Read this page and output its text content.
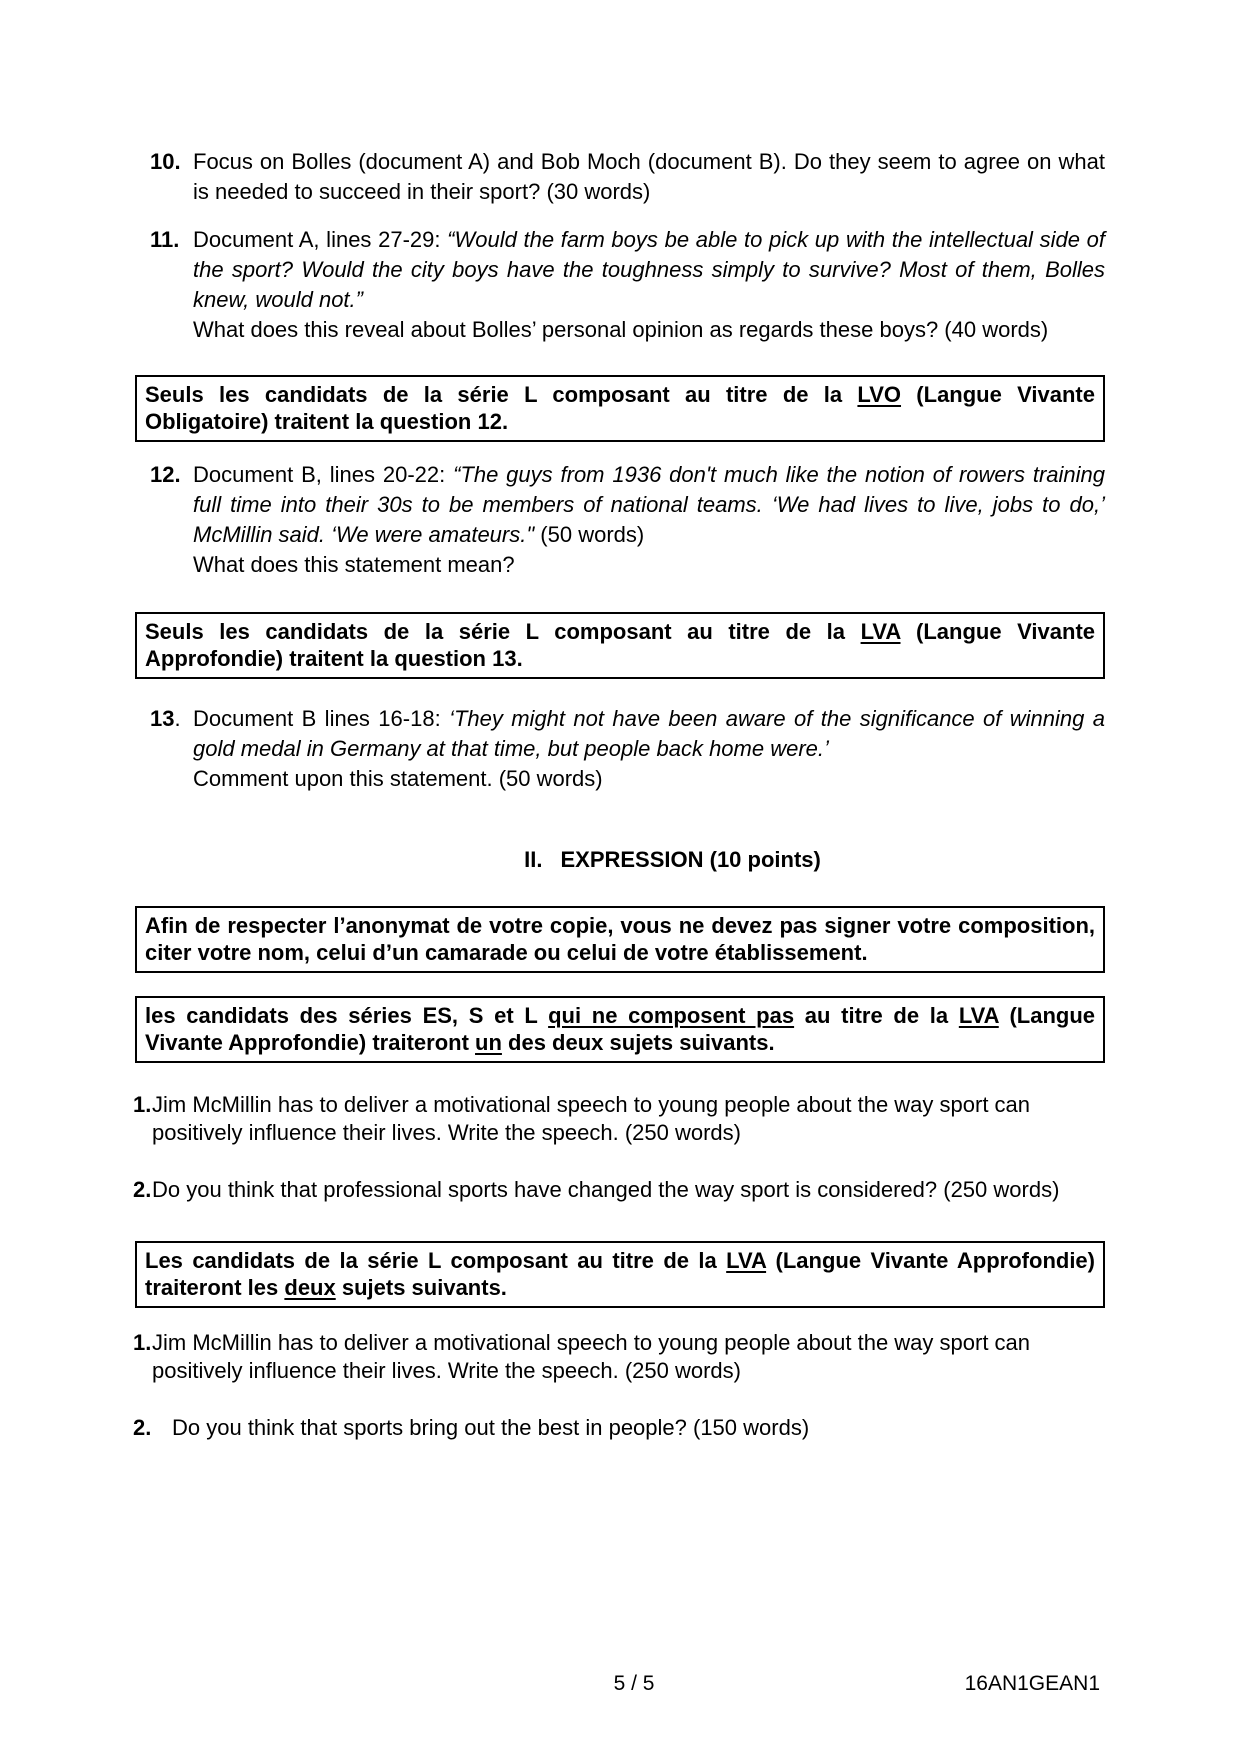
10. Focus on Bolles (document A) and Bob Moch (document B). Do they seem to agree on what is needed to succeed in their sport? (30 words)
11. Document A, lines 27-29: “Would the farm boys be able to pick up with the intellectual side of the sport? Would the city boys have the toughness simply to survive? Most of them, Bolles knew, would not.”
What does this reveal about Bolles’ personal opinion as regards these boys? (40 words)
Seuls les candidats de la série L composant au titre de la LVO (Langue Vivante Obligatoire) traitent la question 12.
12. Document B, lines 20-22: “The guys from 1936 don't much like the notion of rowers training full time into their 30s to be members of national teams. ‘We had lives to live, jobs to do,’ McMillin said. ‘We were amateurs." (50 words)
What does this statement mean?
Seuls les candidats de la série L composant au titre de la LVA (Langue Vivante Approfondie) traitent la question 13.
13. Document B lines 16-18: ‘They might not have been aware of the significance of winning a gold medal in Germany at that time, but people back home were.’
Comment upon this statement. (50 words)
II. EXPRESSION (10 points)
Afin de respecter l’anonymat de votre copie, vous ne devez pas signer votre composition, citer votre nom, celui d’un camarade ou celui de votre établissement.
les candidats des séries ES, S et L qui ne composent pas au titre de la LVA (Langue Vivante Approfondie) traiteront un des deux sujets suivants.
1. Jim McMillin has to deliver a motivational speech to young people about the way sport can positively influence their lives. Write the speech. (250 words)
2. Do you think that professional sports have changed the way sport is considered? (250 words)
Les candidats de la série L composant au titre de la LVA (Langue Vivante Approfondie) traiteront les deux sujets suivants.
1. Jim McMillin has to deliver a motivational speech to young people about the way sport can positively influence their lives. Write the speech. (250 words)
2. Do you think that sports bring out the best in people? (150 words)
5 / 5	16AN1GEAN1
